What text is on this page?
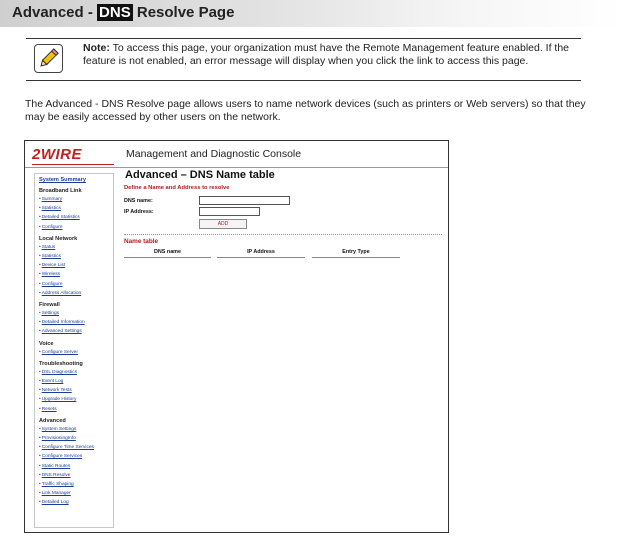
Advanced - DNS Resolve Page
Note: To access this page, your organization must have the Remote Management feature enabled. If the feature is not enabled, an error message will display when you click the link to access this page.
The Advanced - DNS Resolve page allows users to name network devices (such as printers or Web servers) so that they may be easily accessed by other users on the network.
2WIRE	Management and Diagnostic Console
System Summary
Broadband Link
• Summary
• Statistics
• Detailed Statistics
• Configure
Local Network
• Status
• Statistics
• Device List
• Wireless
• Configure
• Address Allocation
Firewall
• Settings
• Detailed Information
• Advanced Settings
Voice
• Configure Server
Troubleshooting
• DSL Diagnostics
• Event Log
• Network Tests
• Upgrade History
• Resets
Advanced
• System Settings
• ProvisioningInfo
• Configure Time Services
• Configure Services
• Static Routes
• DNS Resolve
• Traffic Shaping
• Link Manager
• Detailed Log
Advanced – DNS Name table
Define a Name and Address to resolve
DNS name:
IP Address:
ADD
Name table
DNS name	IP Address	Entry Type
